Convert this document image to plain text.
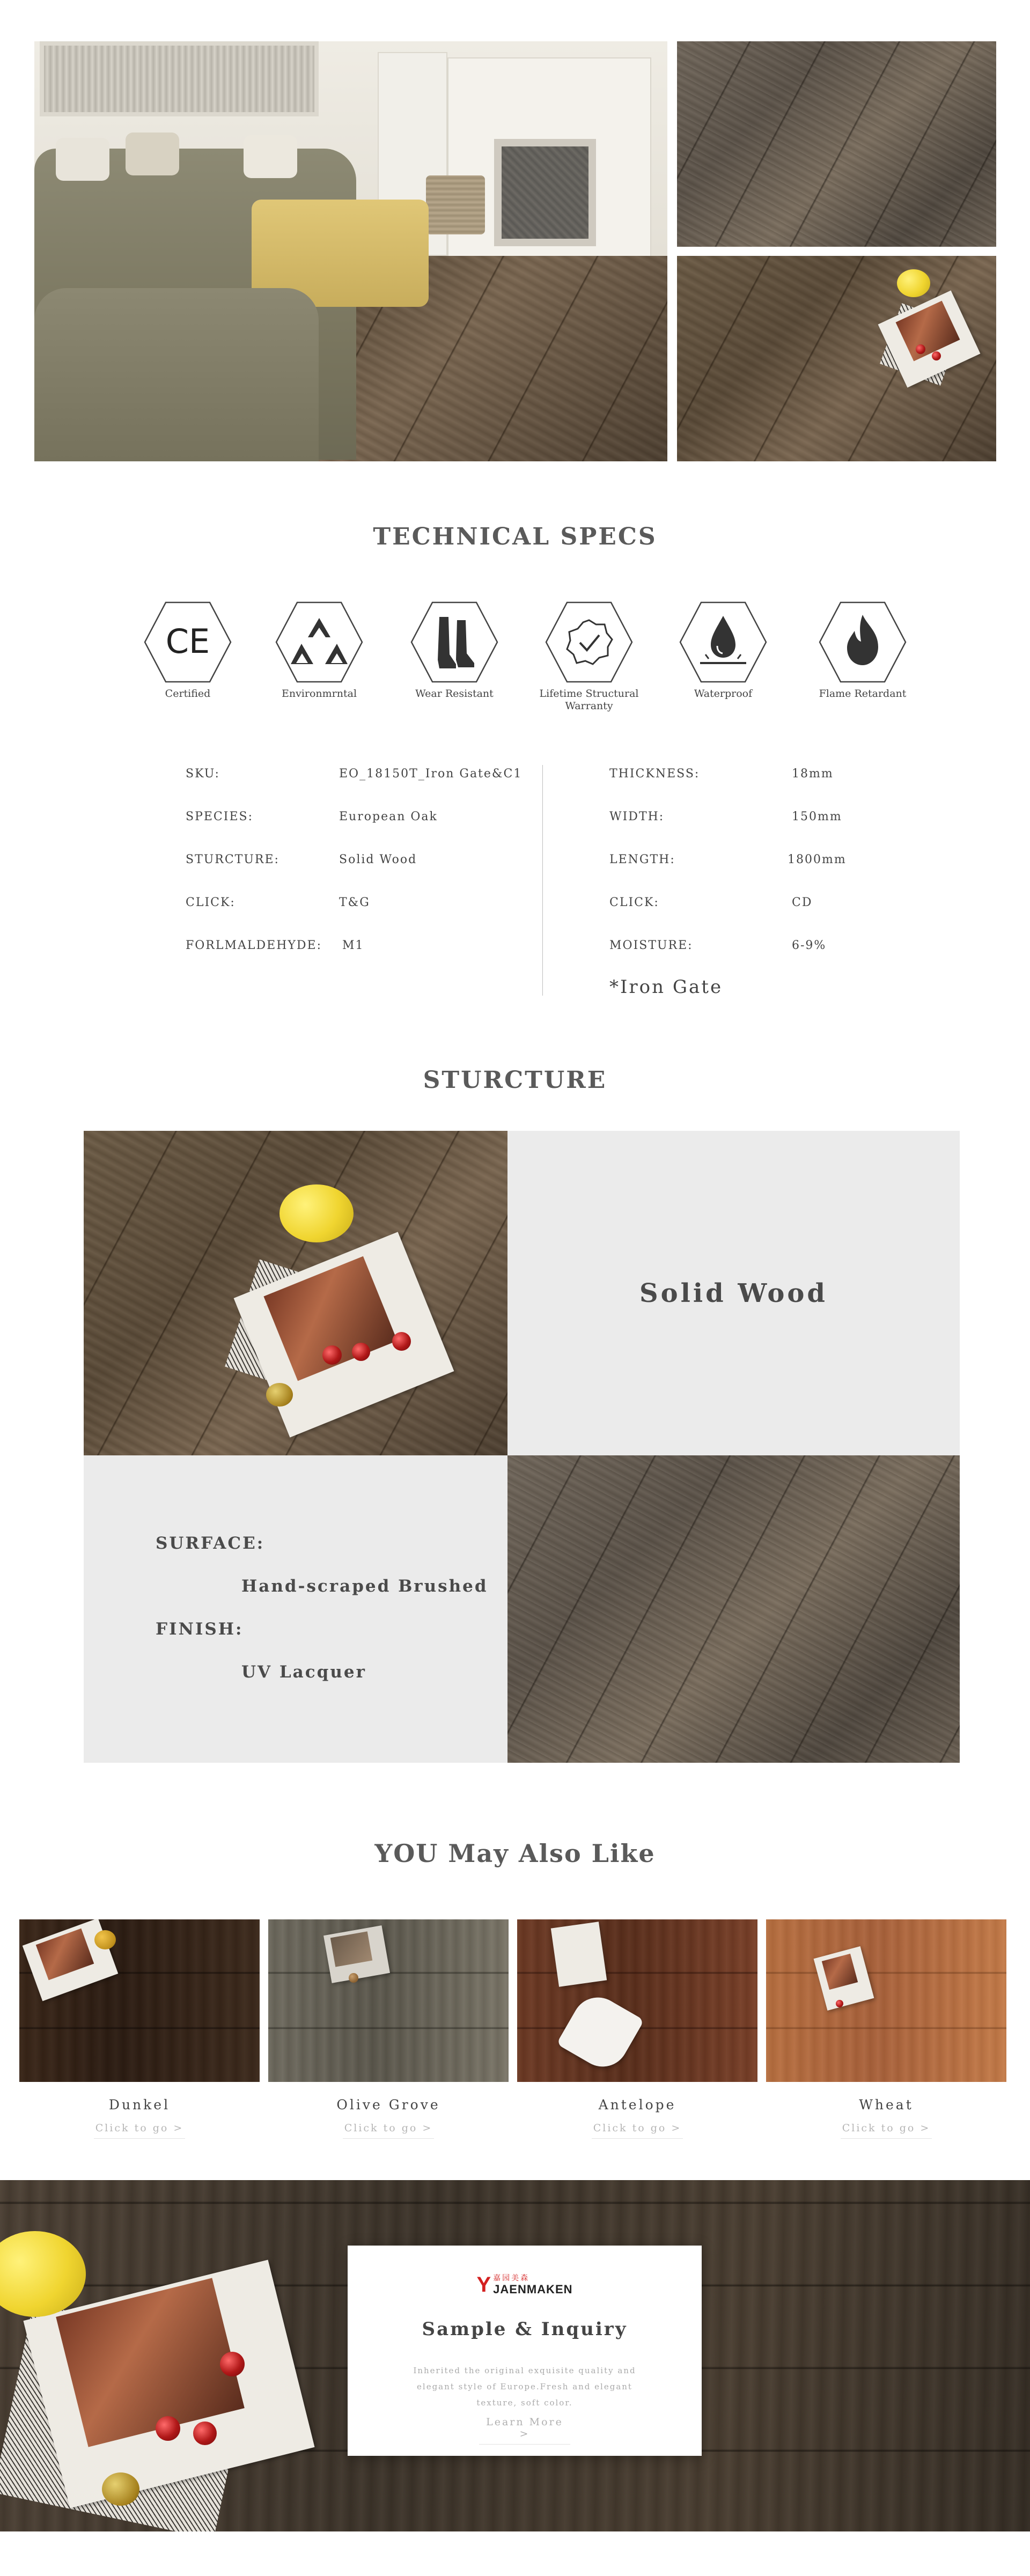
TECHNICAL SPECS
CE
Certified	Environmrntal	Wear Resistant	Lifetime Structural Warranty
Waterproof	Flame Retardant
SKU:	EO_18150T_Iron Gate&C1
SPECIES:	European Oak
STURCTURE:	Solid Wood
CLICK:	T&G
FORLMALDEHYDE: M1
THICKNESS:	18mm
WIDTH:	150mm
LENGTH:	1800mm
CLICK:	CD
MOISTURE:	6-9%
*Iron Gate
STURCTURE
Solid Wood
SURFACE:
Hand-scraped Brushed
FINISH:
UV Lacquer
YOU May Also Like
Dunkel
Click to go >
Olive Grove
Click to go >
Antelope
Click to go >
Wheat
Click to go >
Y 嘉园美森
JAENMAKEN
Sample & Inquiry
Inherited the original exquisite quality and elegant style of Europe.Fresh and elegant texture, soft color.
Learn More >
